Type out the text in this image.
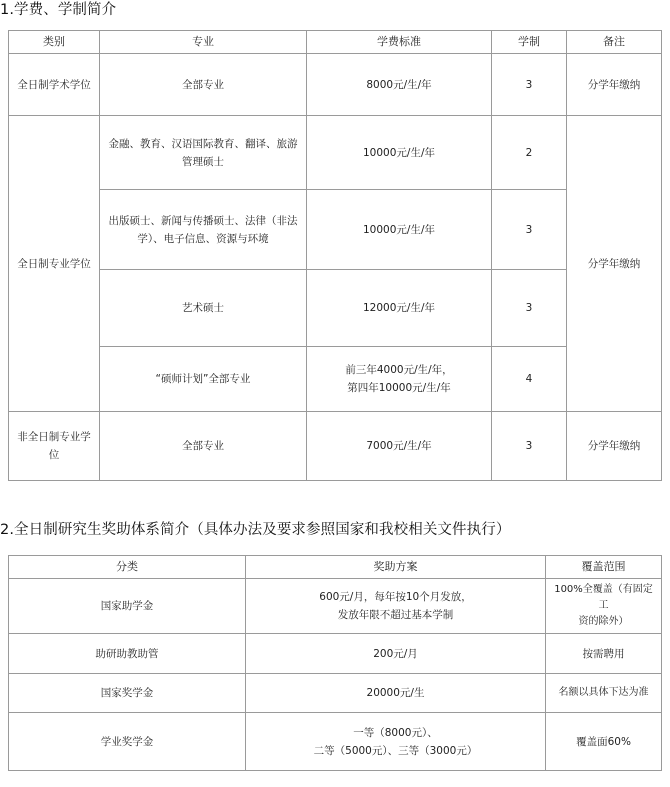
1.学费、学制简介
类别	专业	学费标准	学制	备注
全日制学术学位	全部专业	8000元/生/年	3	分学年缴纳
全日制专业学位	金融、教育、汉语国际教育、翻译、旅游
管理硕士	10000元/生/年	2	分学年缴纳

	出版硕士、新闻与传播硕士、法律（非法
学）、电子信息、资源与环境	10000元/生/年	3	

	艺术硕士	12000元/生/年	3	

	“硕师计划”全部专业	前三年4000元/生/年，
第四年10000元/生/年	4	
非全日制专业学位	全部专业	7000元/生/年	3	分学年缴纳
2.全日制研究生奖助体系简介（具体办法及要求参照国家和我校相关文件执行）
分类	奖助方案	覆盖范围
国家助学金	600元/月，每年按10个月发放，
发放年限不超过基本学制	100%全覆盖（有固定工
资的除外）

助研助教助管	200元/月	按需聘用

国家奖学金	20000元/生	名额以具体下达为准

学业奖学金	一等（8000元）、
二等（5000元）、三等（3000元）	覆盖面60%
